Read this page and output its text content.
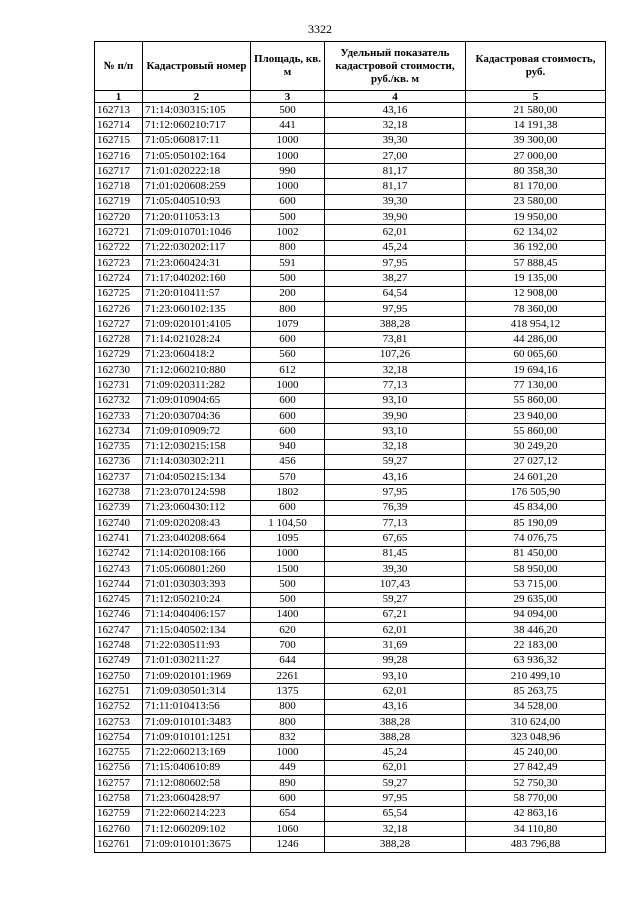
3322
№ п/п	Кадастровый номер	Площадь, кв. м	Удельный показатель кадастровой стоимости, руб./кв. м	Кадастровая стоимость, руб.
1	2	3	4	5
162713	71:14:030315:105	500	43,16	21 580,00
162714	71:12:060210:717	441	32,18	14 191,38
162715	71:05:060817:11	1000	39,30	39 300,00
162716	71:05:050102:164	1000	27,00	27 000,00
162717	71:01:020222:18	990	81,17	80 358,30
162718	71:01:020608:259	1000	81,17	81 170,00
162719	71:05:040510:93	600	39,30	23 580,00
162720	71:20:011053:13	500	39,90	19 950,00
162721	71:09:010701:1046	1002	62,01	62 134,02
162722	71:22:030202:117	800	45,24	36 192,00
162723	71:23:060424:31	591	97,95	57 888,45
162724	71:17:040202:160	500	38,27	19 135,00
162725	71:20:010411:57	200	64,54	12 908,00
162726	71:23:060102:135	800	97,95	78 360,00
162727	71:09:020101:4105	1079	388,28	418 954,12
162728	71:14:021028:24	600	73,81	44 286,00
162729	71:23:060418:2	560	107,26	60 065,60
162730	71:12:060210:880	612	32,18	19 694,16
162731	71:09:020311:282	1000	77,13	77 130,00
162732	71:09:010904:65	600	93,10	55 860,00
162733	71:20:030704:36	600	39,90	23 940,00
162734	71:09:010909:72	600	93,10	55 860,00
162735	71:12:030215:158	940	32,18	30 249,20
162736	71:14:030302:211	456	59,27	27 027,12
162737	71:04:050215:134	570	43,16	24 601,20
162738	71:23:070124:598	1802	97,95	176 505,90
162739	71:23:060430:112	600	76,39	45 834,00
162740	71:09:020208:43	1 104,50	77,13	85 190,09
162741	71:23:040208:664	1095	67,65	74 076,75
162742	71:14:020108:166	1000	81,45	81 450,00
162743	71:05:060801:260	1500	39,30	58 950,00
162744	71:01:030303:393	500	107,43	53 715,00
162745	71:12:050210:24	500	59,27	29 635,00
162746	71:14:040406:157	1400	67,21	94 094,00
162747	71:15:040502:134	620	62,01	38 446,20
162748	71:22:030511:93	700	31,69	22 183,00
162749	71:01:030211:27	644	99,28	63 936,32
162750	71:09:020101:1969	2261	93,10	210 499,10
162751	71:09:030501:314	1375	62,01	85 263,75
162752	71:11:010413:56	800	43,16	34 528,00
162753	71:09:010101:3483	800	388,28	310 624,00
162754	71:09:010101:1251	832	388,28	323 048,96
162755	71:22:060213:169	1000	45,24	45 240,00
162756	71:15:040610:89	449	62,01	27 842,49
162757	71:12:080602:58	890	59,27	52 750,30
162758	71:23:060428:97	600	97,95	58 770,00
162759	71:22:060214:223	654	65,54	42 863,16
162760	71:12:060209:102	1060	32,18	34 110,80
162761	71:09:010101:3675	1246	388,28	483 796,88
